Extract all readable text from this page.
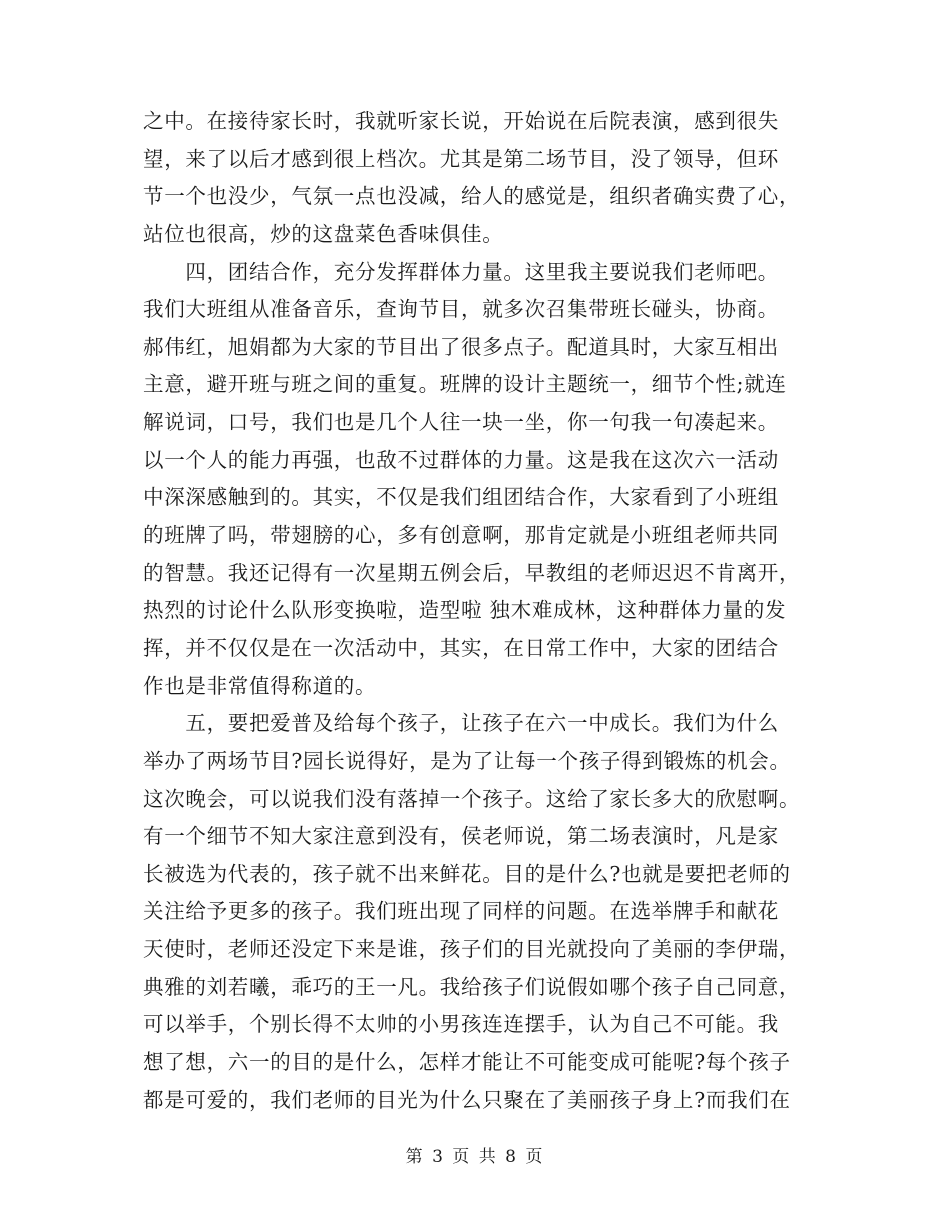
之中。在接待家长时，我就听家长说，开始说在后院表演，感到很失
望，来了以后才感到很上档次。尤其是第二场节目，没了领导，但环
节一个也没少，气氛一点也没减，给人的感觉是，组织者确实费了心，
站位也很高，炒的这盘菜色香味俱佳。
　　四，团结合作，充分发挥群体力量。这里我主要说我们老师吧。
我们大班组从准备音乐，查询节目，就多次召集带班长碰头，协商。
郝伟红，旭娟都为大家的节目出了很多点子。配道具时，大家互相出
主意，避开班与班之间的重复。班牌的设计主题统一，细节个性;就连
解说词，口号，我们也是几个人往一块一坐，你一句我一句凑起来。
以一个人的能力再强，也敌不过群体的力量。这是我在这次六一活动
中深深感触到的。其实，不仅是我们组团结合作，大家看到了小班组
的班牌了吗，带翅膀的心，多有创意啊，那肯定就是小班组老师共同
的智慧。我还记得有一次星期五例会后，早教组的老师迟迟不肯离开，
热烈的讨论什么队形变换啦，造型啦 独木难成林，这种群体力量的发
挥，并不仅仅是在一次活动中，其实，在日常工作中，大家的团结合
作也是非常值得称道的。
　　五，要把爱普及给每个孩子，让孩子在六一中成长。我们为什么
举办了两场节目?园长说得好，是为了让每一个孩子得到锻炼的机会。
这次晚会，可以说我们没有落掉一个孩子。这给了家长多大的欣慰啊。
有一个细节不知大家注意到没有，侯老师说，第二场表演时，凡是家
长被选为代表的，孩子就不出来鲜花。目的是什么?也就是要把老师的
关注给予更多的孩子。我们班出现了同样的问题。在选举牌手和献花
天使时，老师还没定下来是谁，孩子们的目光就投向了美丽的李伊瑞，
典雅的刘若曦，乖巧的王一凡。我给孩子们说假如哪个孩子自己同意，
可以举手，个别长得不太帅的小男孩连连摆手，认为自己不可能。我
想了想，六一的目的是什么，怎样才能让不可能变成可能呢?每个孩子
都是可爱的，我们老师的目光为什么只聚在了美丽孩子身上?而我们在
第 3 页 共 8 页
